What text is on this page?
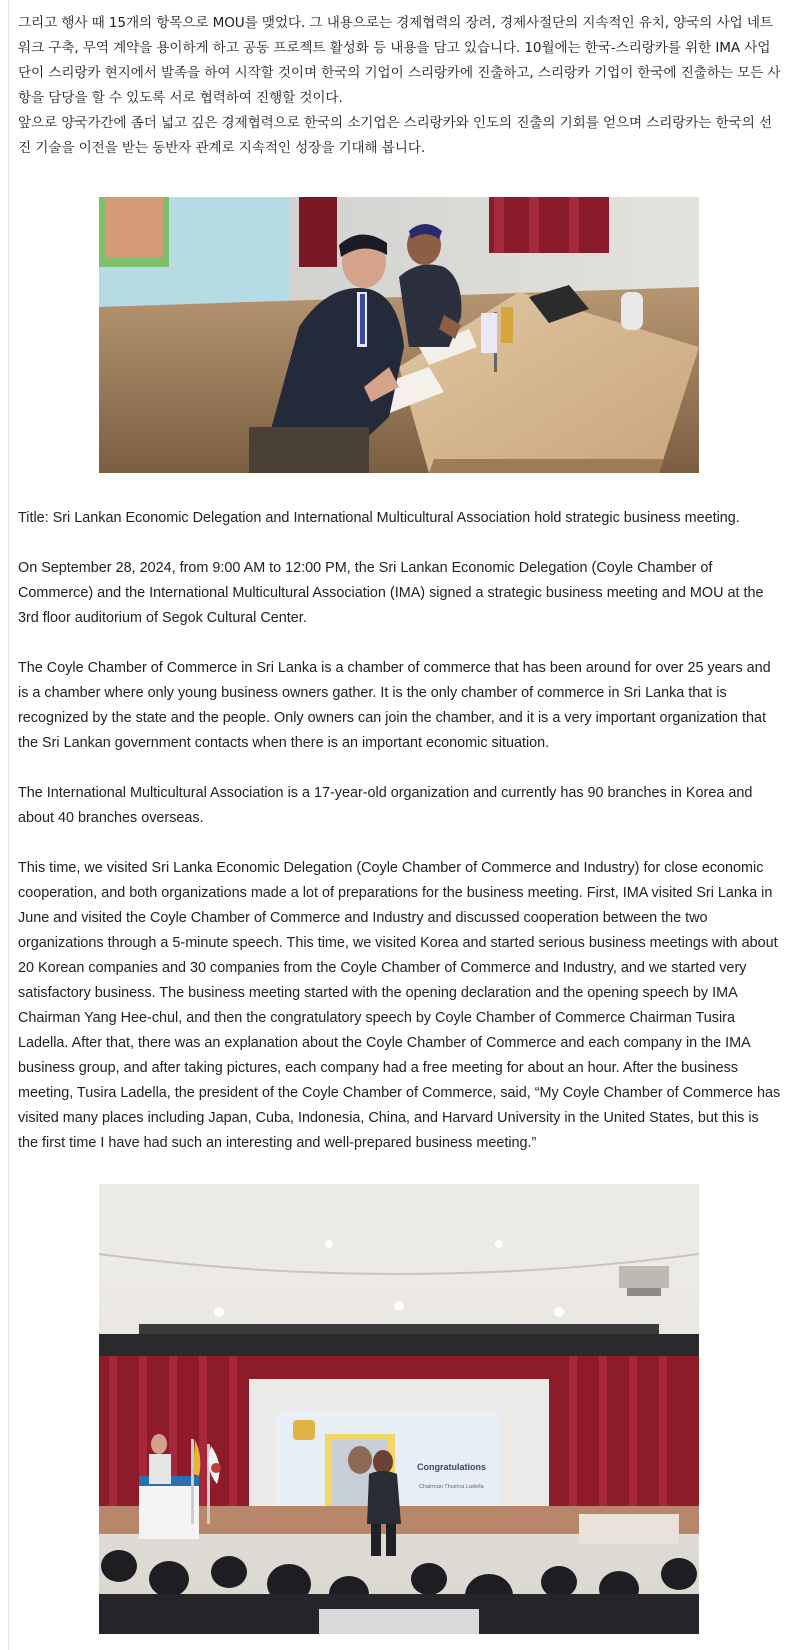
그리고 행사 때 15개의 항목으로 MOU를 맺었다. 그 내용으로는 경제협력의 장려, 경제사절단의 지속적인 유치, 양국의 사업 네트워크 구축, 무역 계약을 용이하게 하고 공동 프로젝트 활성화 등 내용을 담고 있습니다. 10월에는 한국-스리랑카를 위한 IMA 사업단이 스리랑카 현지에서 발족을 하여 시작할 것이며 한국의 기업이 스리랑카에 진출하고, 스리랑카 기업이 한국에 진출하는 모든 사항을 담당을 할 수 있도록 서로 협력하여 진행할 것이다.

앞으로 양국가간에 좀더 넓고 깊은 경제협력으로 한국의 소기업은 스리랑카와 인도의 진출의 기회를 얻으며 스리랑카는 한국의 선진 기술을 이전을 받는 동반자 관계로 지속적인 성장을 기대해 봅니다.

Title: Sri Lankan Economic Delegation and International Multicultural Association hold strategic business meeting.

On September 28, 2024, from 9:00 AM to 12:00 PM, the Sri Lankan Economic Delegation (Coyle Chamber of Commerce) and the International Multicultural Association (IMA) signed a strategic business meeting and MOU at the 3rd floor auditorium of Segok Cultural Center.

The Coyle Chamber of Commerce in Sri Lanka is a chamber of commerce that has been around for over 25 years and is a chamber where only young business owners gather. It is the only chamber of commerce in Sri Lanka that is recognized by the state and the people. Only owners can join the chamber, and it is a very important organization that the Sri Lankan government contacts when there is an important economic situation.

The International Multicultural Association is a 17-year-old organization and currently has 90 branches in Korea and about 40 branches overseas.

This time, we visited Sri Lanka Economic Delegation (Coyle Chamber of Commerce and Industry) for close economic cooperation, and both organizations made a lot of preparations for the business meeting. First, IMA visited Sri Lanka in June and visited the Coyle Chamber of Commerce and Industry and discussed cooperation between the two organizations through a 5-minute speech. This time, we visited Korea and started serious business meetings with about 20 Korean companies and 30 companies from the Coyle Chamber of Commerce and Industry, and we started very satisfactory business. The business meeting started with the opening declaration and the opening speech by IMA Chairman Yang Hee-chul, and then the congratulatory speech by Coyle Chamber of Commerce Chairman Tusira Ladella. After that, there was an explanation about the Coyle Chamber of Commerce and each company in the IMA business group, and after taking pictures, each company had a free meeting for about an hour. After the business meeting, Tusira Ladella, the president of the Coyle Chamber of Commerce, said, “My Coyle Chamber of Commerce has visited many places including Japan, Cuba, Indonesia, China, and Harvard University in the United States, but this is the first time I have had such an interesting and well-prepared business meeting.”

Congratulations
Chairman Thushra Ladella
